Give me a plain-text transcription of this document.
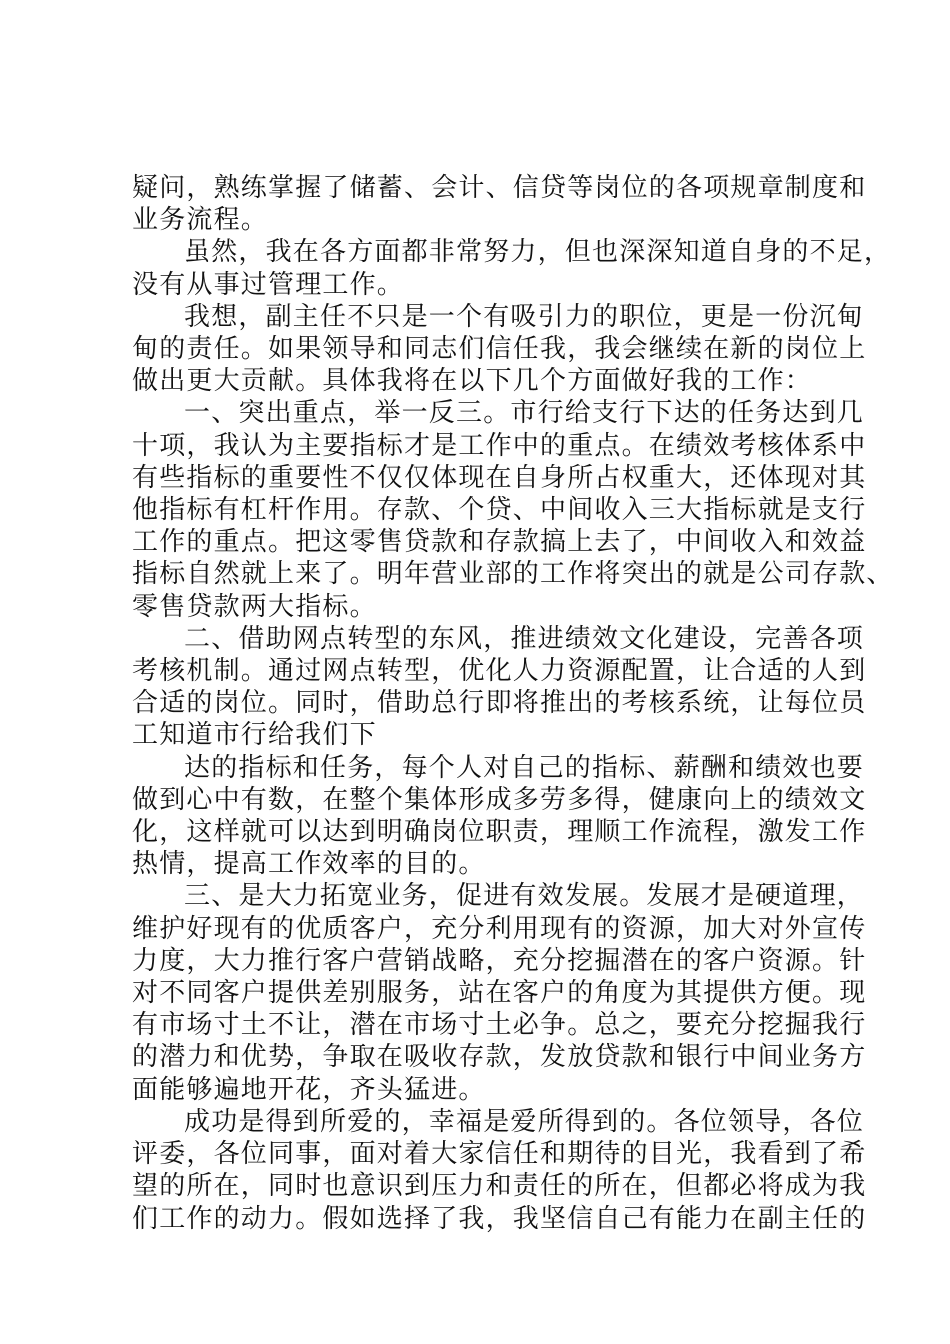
疑问，熟练掌握了储蓄、会计、信贷等岗位的各项规章制度和
业务流程。

虽然，我在各方面都非常努力，但也深深知道自身的不足，
没有从事过管理工作。

我想，副主任不只是一个有吸引力的职位，更是一份沉甸
甸的责任。如果领导和同志们信任我，我会继续在新的岗位上
做出更大贡献。具体我将在以下几个方面做好我的工作：

一、突出重点，举一反三。市行给支行下达的任务达到几
十项，我认为主要指标才是工作中的重点。在绩效考核体系中
有些指标的重要性不仅仅体现在自身所占权重大，还体现对其
他指标有杠杆作用。存款、个贷、中间收入三大指标就是支行
工作的重点。把这零售贷款和存款搞上去了，中间收入和效益
指标自然就上来了。明年营业部的工作将突出的就是公司存款、
零售贷款两大指标。

二、借助网点转型的东风，推进绩效文化建设，完善各项
考核机制。通过网点转型，优化人力资源配置，让合适的人到
合适的岗位。同时，借助总行即将推出的考核系统，让每位员
工知道市行给我们下

达的指标和任务，每个人对自己的指标、薪酬和绩效也要
做到心中有数，在整个集体形成多劳多得，健康向上的绩效文
化，这样就可以达到明确岗位职责，理顺工作流程，激发工作
热情，提高工作效率的目的。

三、是大力拓宽业务，促进有效发展。发展才是硬道理，
维护好现有的优质客户，充分利用现有的资源，加大对外宣传
力度，大力推行客户营销战略，充分挖掘潜在的客户资源。针
对不同客户提供差别服务，站在客户的角度为其提供方便。现
有市场寸土不让，潜在市场寸土必争。总之，要充分挖掘我行
的潜力和优势，争取在吸收存款，发放贷款和银行中间业务方
面能够遍地开花，齐头猛进。

成功是得到所爱的，幸福是爱所得到的。各位领导，各位
评委，各位同事，面对着大家信任和期待的目光，我看到了希
望的所在，同时也意识到压力和责任的所在，但都必将成为我
们工作的动力。假如选择了我，我坚信自己有能力在副主任的
